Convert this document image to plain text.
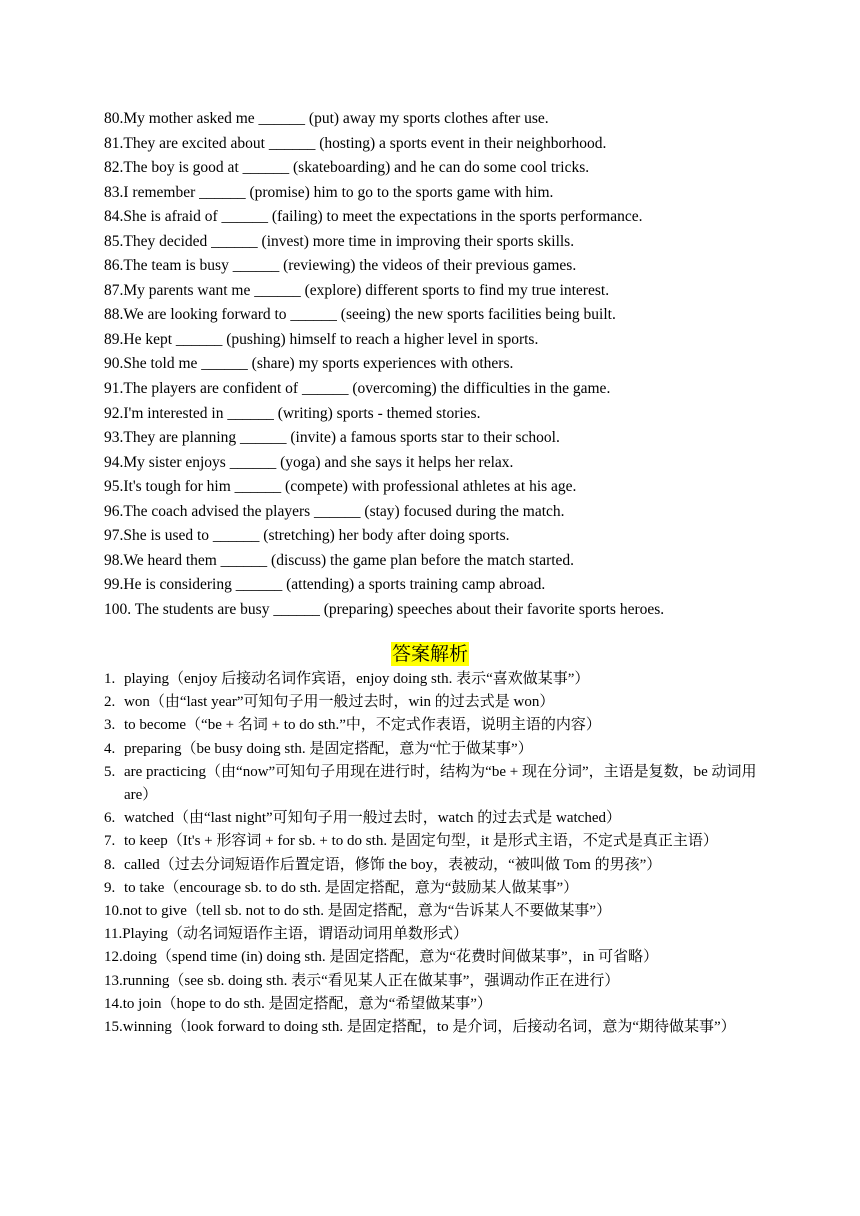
80.My mother asked me ______ (put) away my sports clothes after use.
81.They are excited about ______ (hosting) a sports event in their neighborhood.
82.The boy is good at ______ (skateboarding) and he can do some cool tricks.
83.I remember ______ (promise) him to go to the sports game with him.
84.She is afraid of ______ (failing) to meet the expectations in the sports performance.
85.They decided ______ (invest) more time in improving their sports skills.
86.The team is busy ______ (reviewing) the videos of their previous games.
87.My parents want me ______ (explore) different sports to find my true interest.
88.We are looking forward to ______ (seeing) the new sports facilities being built.
89.He kept ______ (pushing) himself to reach a higher level in sports.
90.She told me ______ (share) my sports experiences with others.
91.The players are confident of ______ (overcoming) the difficulties in the game.
92.I'm interested in ______ (writing) sports - themed stories.
93.They are planning ______ (invite) a famous sports star to their school.
94.My sister enjoys ______ (yoga) and she says it helps her relax.
95.It's tough for him ______ (compete) with professional athletes at his age.
96.The coach advised the players ______ (stay) focused during the match.
97.She is used to ______ (stretching) her body after doing sports.
98.We heard them ______ (discuss) the game plan before the match started.
99.He is considering ______ (attending) a sports training camp abroad.
100. The students are busy ______ (preparing) speeches about their favorite sports heroes.
答案解析
1. playing（enjoy 后接动名词作宾语，enjoy doing sth. 表示“喜欢做某事”）
2. won（由“last year”可知句子用一般过去时，win 的过去式是 won）
3. to become（“be + 名词 + to do sth.”中，不定式作表语，说明主语的内容）
4. preparing（be busy doing sth. 是固定搭配，意为“忙于做某事”）
5. are practicing（由“now”可知句子用现在进行时，结构为“be + 现在分词”，主语是复数，be 动词用 are）
6. watched（由“last night”可知句子用一般过去时，watch 的过去式是 watched）
7. to keep（It's + 形容词 + for sb. + to do sth. 是固定句型，it 是形式主语，不定式是真正主语）
8. called（过去分词短语作后置定语，修饰 the boy，表被动，“被叫做 Tom 的男孩”）
9. to take（encourage sb. to do sth. 是固定搭配，意为“鼓励某人做某事”）
10. not to give（tell sb. not to do sth. 是固定搭配，意为“告诉某人不要做某事”）
11. Playing（动名词短语作主语，谓语动词用单数形式）
12. doing（spend time (in) doing sth. 是固定搭配，意为“花费时间做某事”，in 可省略）
13. running（see sb. doing sth. 表示“看见某人正在做某事”，强调动作正在进行）
14. to join（hope to do sth. 是固定搭配，意为“希望做某事”）
15. winning（look forward to doing sth. 是固定搭配，to 是介词，后接动名词，意为“期待做某事”）
